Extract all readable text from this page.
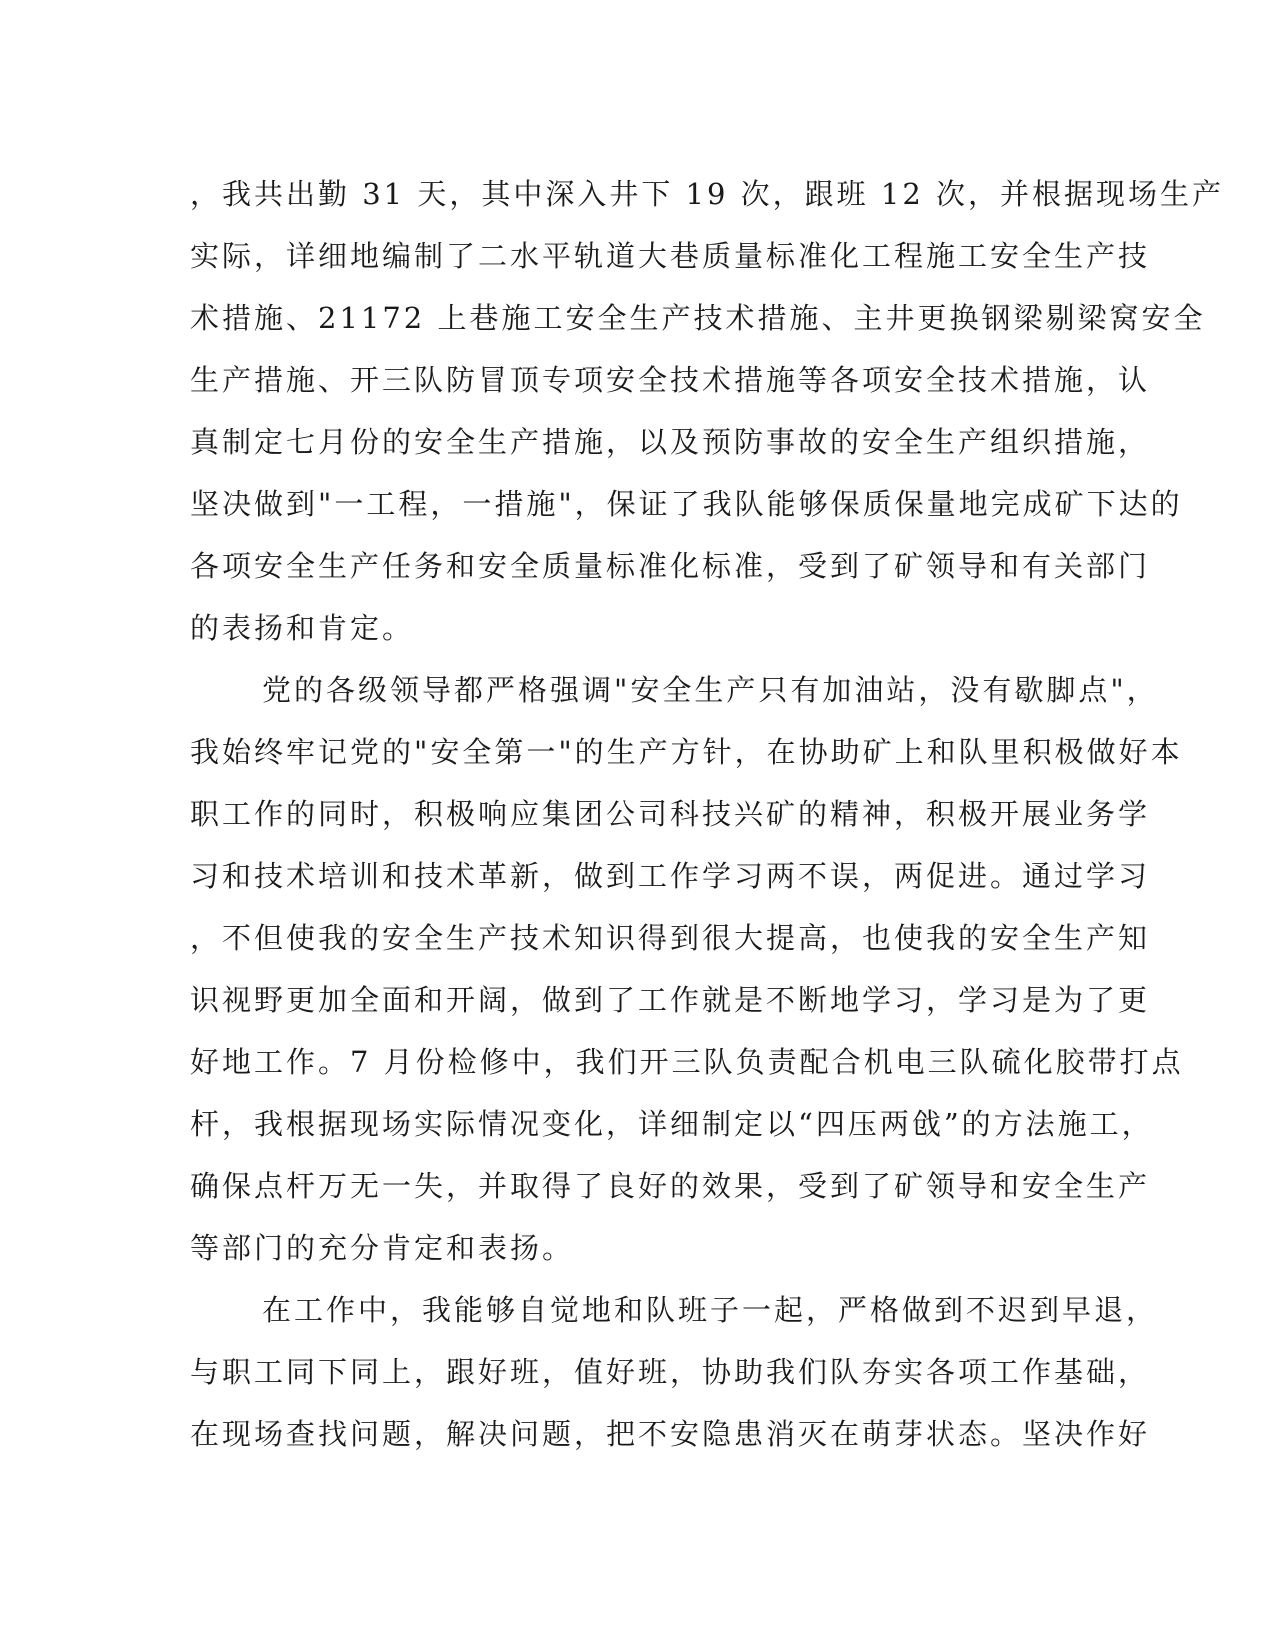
，我共出勤 31 天，其中深入井下 19 次，跟班 12 次，并根据现场生产
实际，详细地编制了二水平轨道大巷质量标准化工程施工安全生产技
术措施、21172 上巷施工安全生产技术措施、主井更换钢梁剔梁窝安全
生产措施、开三队防冒顶专项安全技术措施等各项安全技术措施，认
真制定七月份的安全生产措施，以及预防事故的安全生产组织措施，
坚决做到"一工程，一措施"，保证了我队能够保质保量地完成矿下达的
各项安全生产任务和安全质量标准化标准，受到了矿领导和有关部门
的表扬和肯定。
党的各级领导都严格强调"安全生产只有加油站，没有歇脚点"，
我始终牢记党的"安全第一"的生产方针，在协助矿上和队里积极做好本
职工作的同时，积极响应集团公司科技兴矿的精神，积极开展业务学
习和技术培训和技术革新，做到工作学习两不误，两促进。通过学习
，不但使我的安全生产技术知识得到很大提高，也使我的安全生产知
识视野更加全面和开阔，做到了工作就是不断地学习，学习是为了更
好地工作。7 月份检修中，我们开三队负责配合机电三队硫化胶带打点
杆，我根据现场实际情况变化，详细制定以“四压两戗”的方法施工，
确保点杆万无一失，并取得了良好的效果，受到了矿领导和安全生产
等部门的充分肯定和表扬。
在工作中，我能够自觉地和队班子一起，严格做到不迟到早退，
与职工同下同上，跟好班，值好班，协助我们队夯实各项工作基础，
在现场查找问题，解决问题，把不安隐患消灭在萌芽状态。坚决作好
